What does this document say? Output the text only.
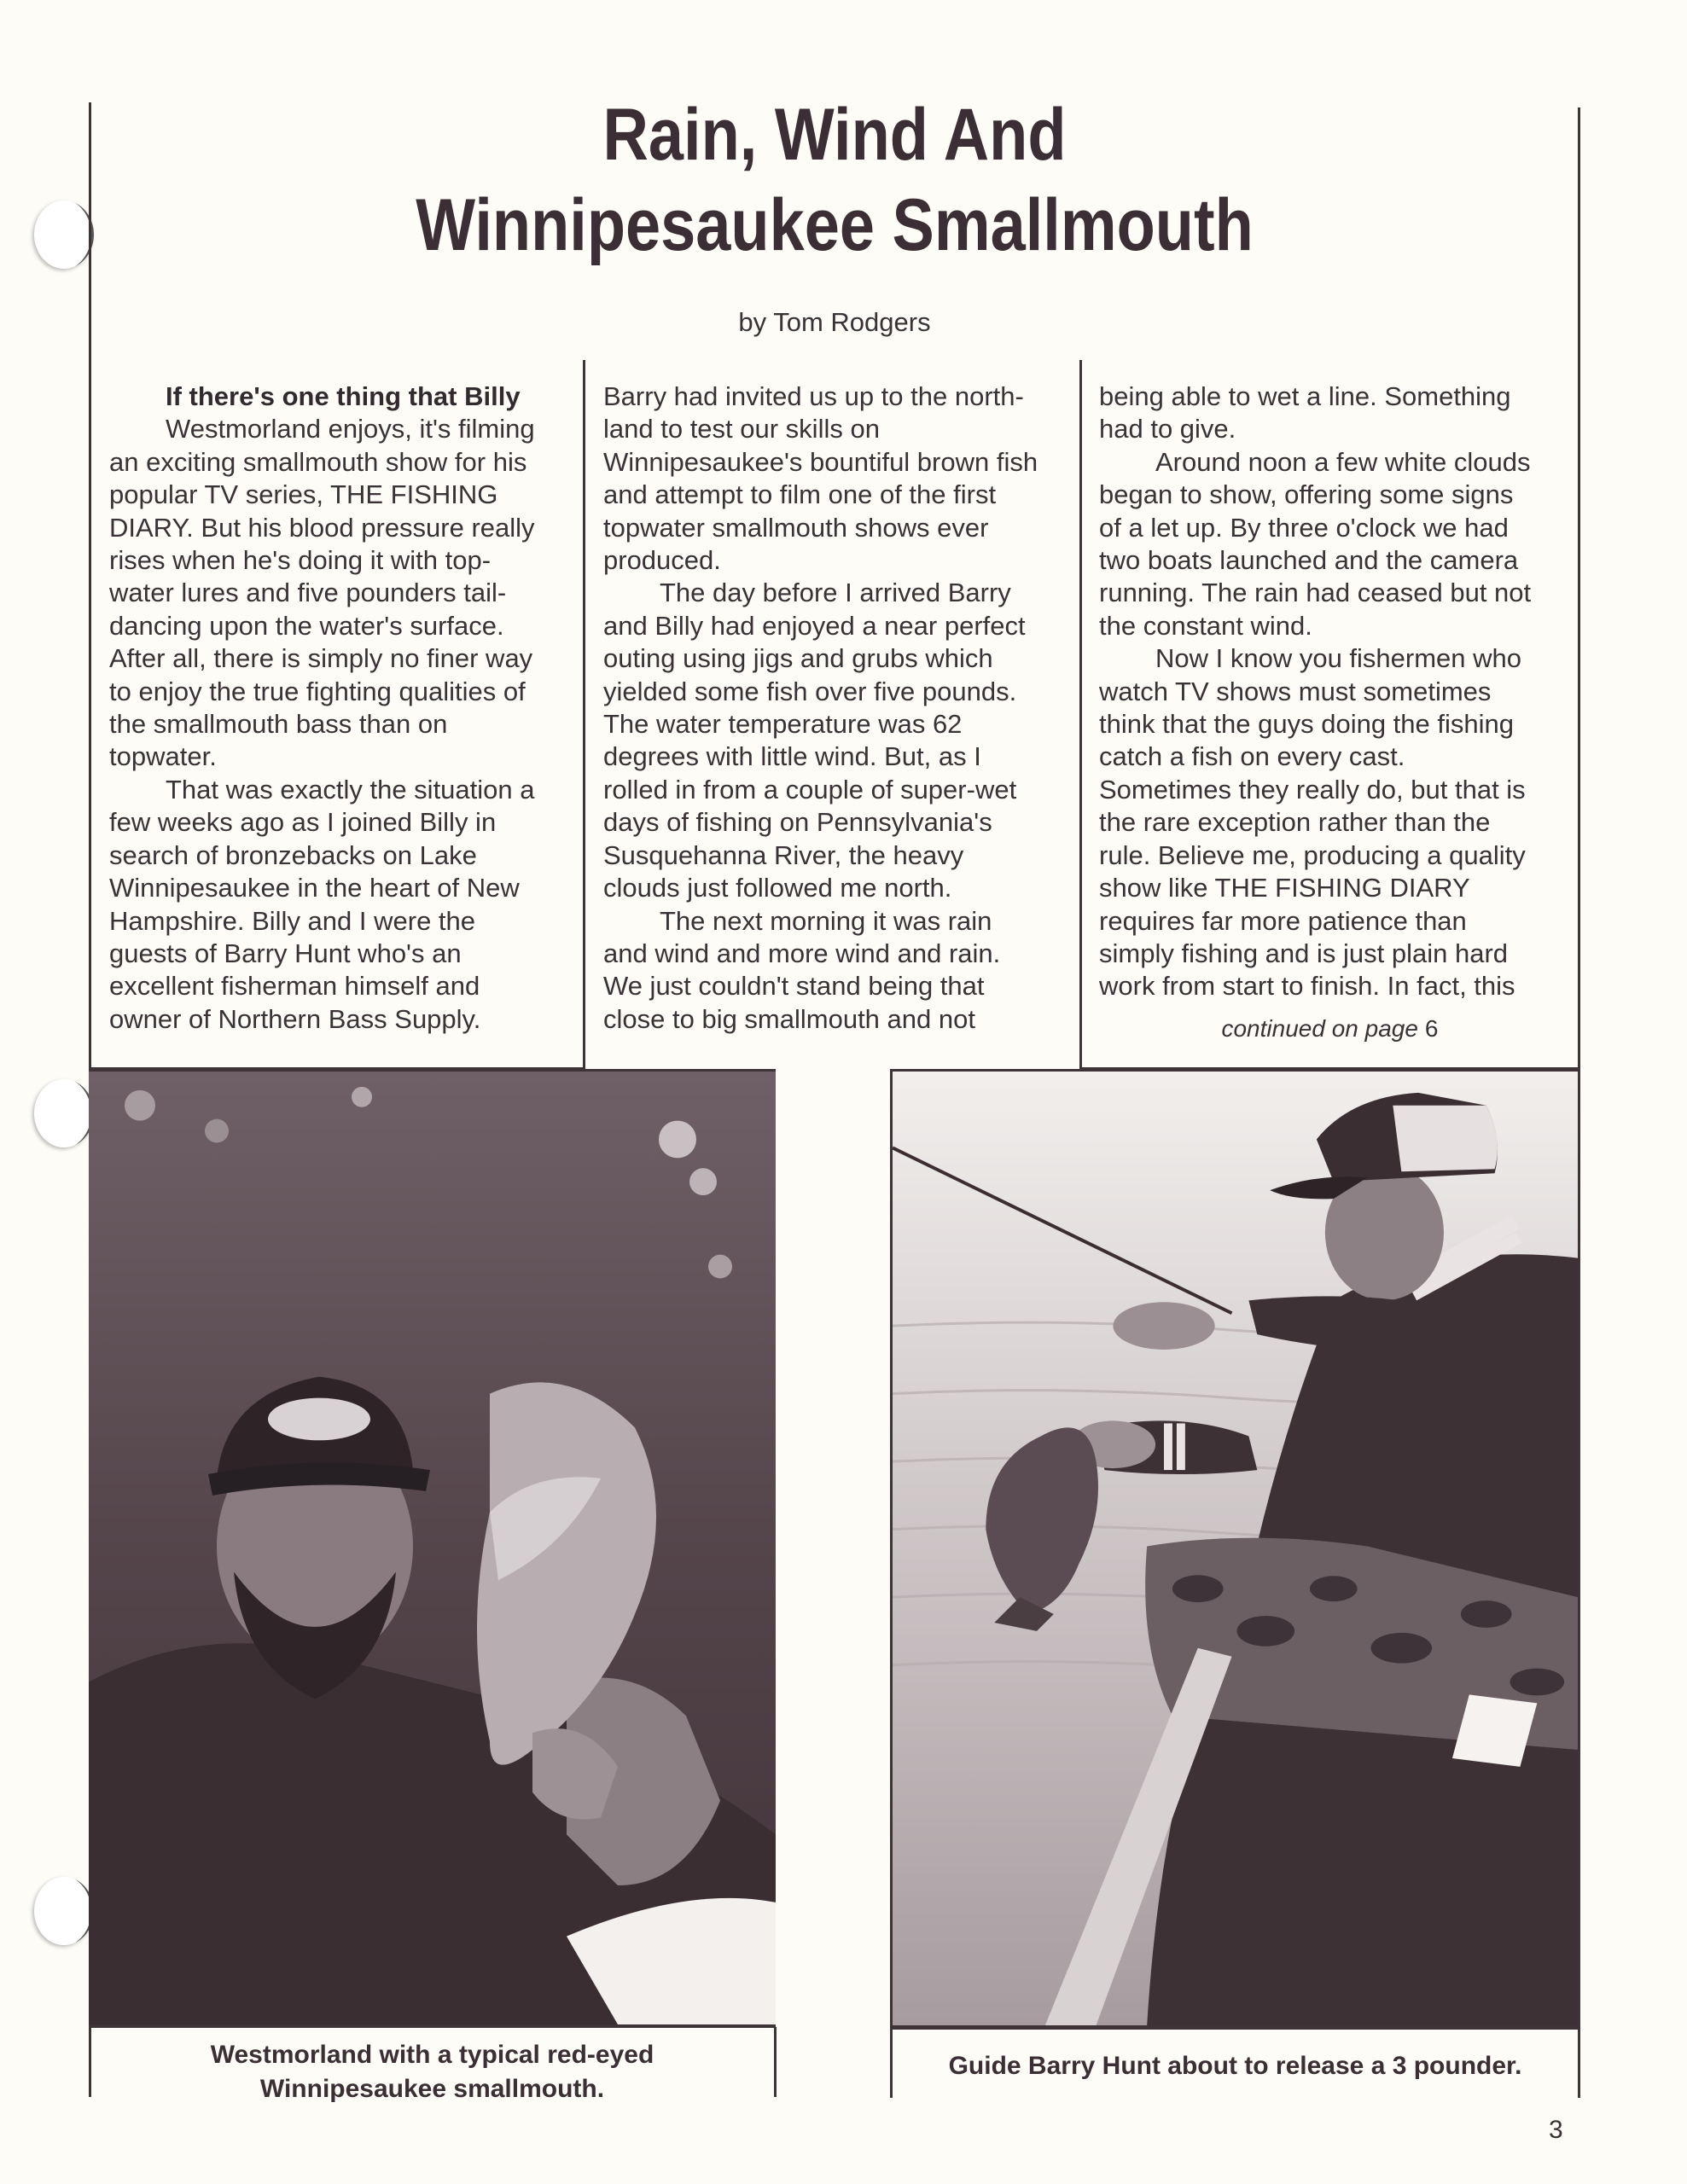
Rain, Wind And
Winnipesaukee Smallmouth
by Tom Rodgers
If there's one thing that Billy
Westmorland enjoys, it's filming
an exciting smallmouth show for his
popular TV series, THE FISHING
DIARY. But his blood pressure really
rises when he's doing it with top-
water lures and five pounders tail-
dancing upon the water's surface.
After all, there is simply no finer way
to enjoy the true fighting qualities of
the smallmouth bass than on
topwater.
That was exactly the situation a
few weeks ago as I joined Billy in
search of bronzebacks on Lake
Winnipesaukee in the heart of New
Hampshire. Billy and I were the
guests of Barry Hunt who's an
excellent fisherman himself and
owner of Northern Bass Supply.
Barry had invited us up to the north-
land to test our skills on
Winnipesaukee's bountiful brown fish
and attempt to film one of the first
topwater smallmouth shows ever
produced.
The day before I arrived Barry
and Billy had enjoyed a near perfect
outing using jigs and grubs which
yielded some fish over five pounds.
The water temperature was 62
degrees with little wind. But, as I
rolled in from a couple of super-wet
days of fishing on Pennsylvania's
Susquehanna River, the heavy
clouds just followed me north.
The next morning it was rain
and wind and more wind and rain.
We just couldn't stand being that
close to big smallmouth and not
being able to wet a line. Something
had to give.
Around noon a few white clouds
began to show, offering some signs
of a let up. By three o'clock we had
two boats launched and the camera
running. The rain had ceased but not
the constant wind.
Now I know you fishermen who
watch TV shows must sometimes
think that the guys doing the fishing
catch a fish on every cast.
Sometimes they really do, but that is
the rare exception rather than the
rule. Believe me, producing a quality
show like THE FISHING DIARY
requires far more patience than
simply fishing and is just plain hard
work from start to finish. In fact, this
continued on page 6
Westmorland with a typical red-eyed
Winnipesaukee smallmouth.
Guide Barry Hunt about to release a 3 pounder.
3
